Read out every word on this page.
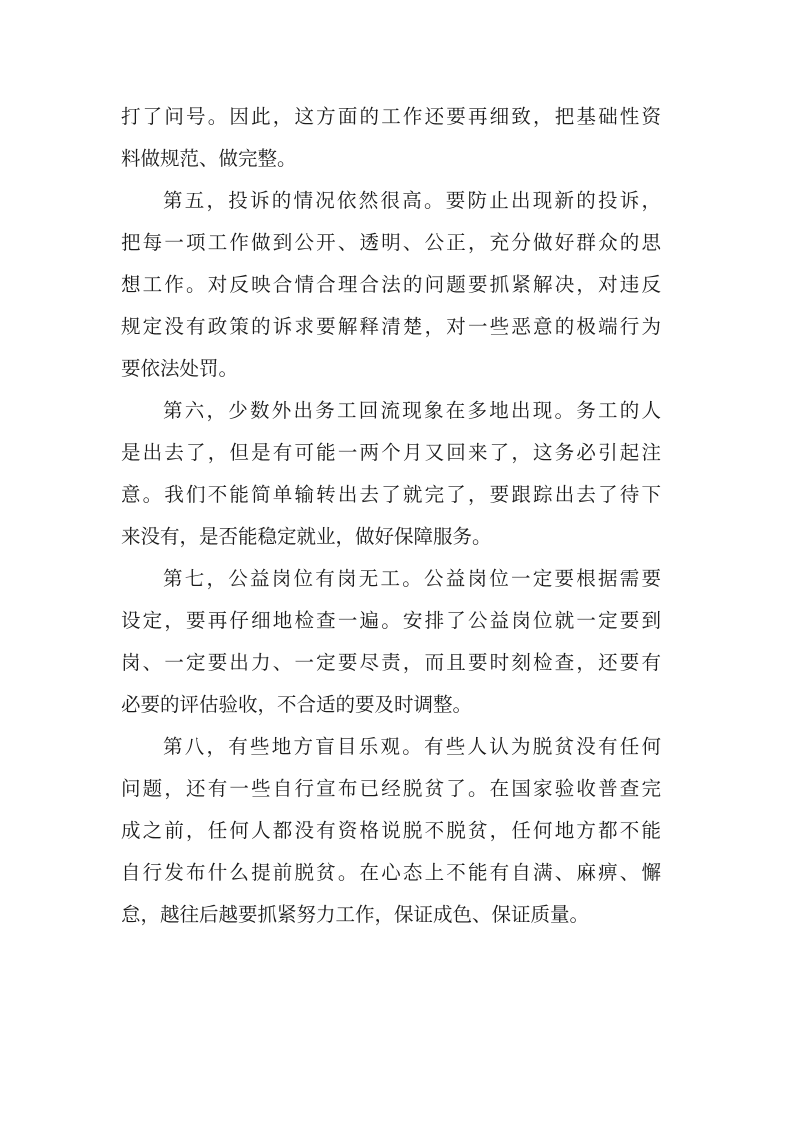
打了问号。因此，这方面的工作还要再细致，把基础性资
料做规范、做完整。
第五，投诉的情况依然很高。要防止出现新的投诉，
把每一项工作做到公开、透明、公正，充分做好群众的思
想工作。对反映合情合理合法的问题要抓紧解决，对违反
规定没有政策的诉求要解释清楚，对一些恶意的极端行为
要依法处罚。
第六，少数外出务工回流现象在多地出现。务工的人
是出去了，但是有可能一两个月又回来了，这务必引起注
意。我们不能简单输转出去了就完了，要跟踪出去了待下
来没有，是否能稳定就业，做好保障服务。
第七，公益岗位有岗无工。公益岗位一定要根据需要
设定，要再仔细地检查一遍。安排了公益岗位就一定要到
岗、一定要出力、一定要尽责，而且要时刻检查，还要有
必要的评估验收，不合适的要及时调整。
第八，有些地方盲目乐观。有些人认为脱贫没有任何
问题，还有一些自行宣布已经脱贫了。在国家验收普查完
成之前，任何人都没有资格说脱不脱贫，任何地方都不能
自行发布什么提前脱贫。在心态上不能有自满、麻痹、懈
怠，越往后越要抓紧努力工作，保证成色、保证质量。
